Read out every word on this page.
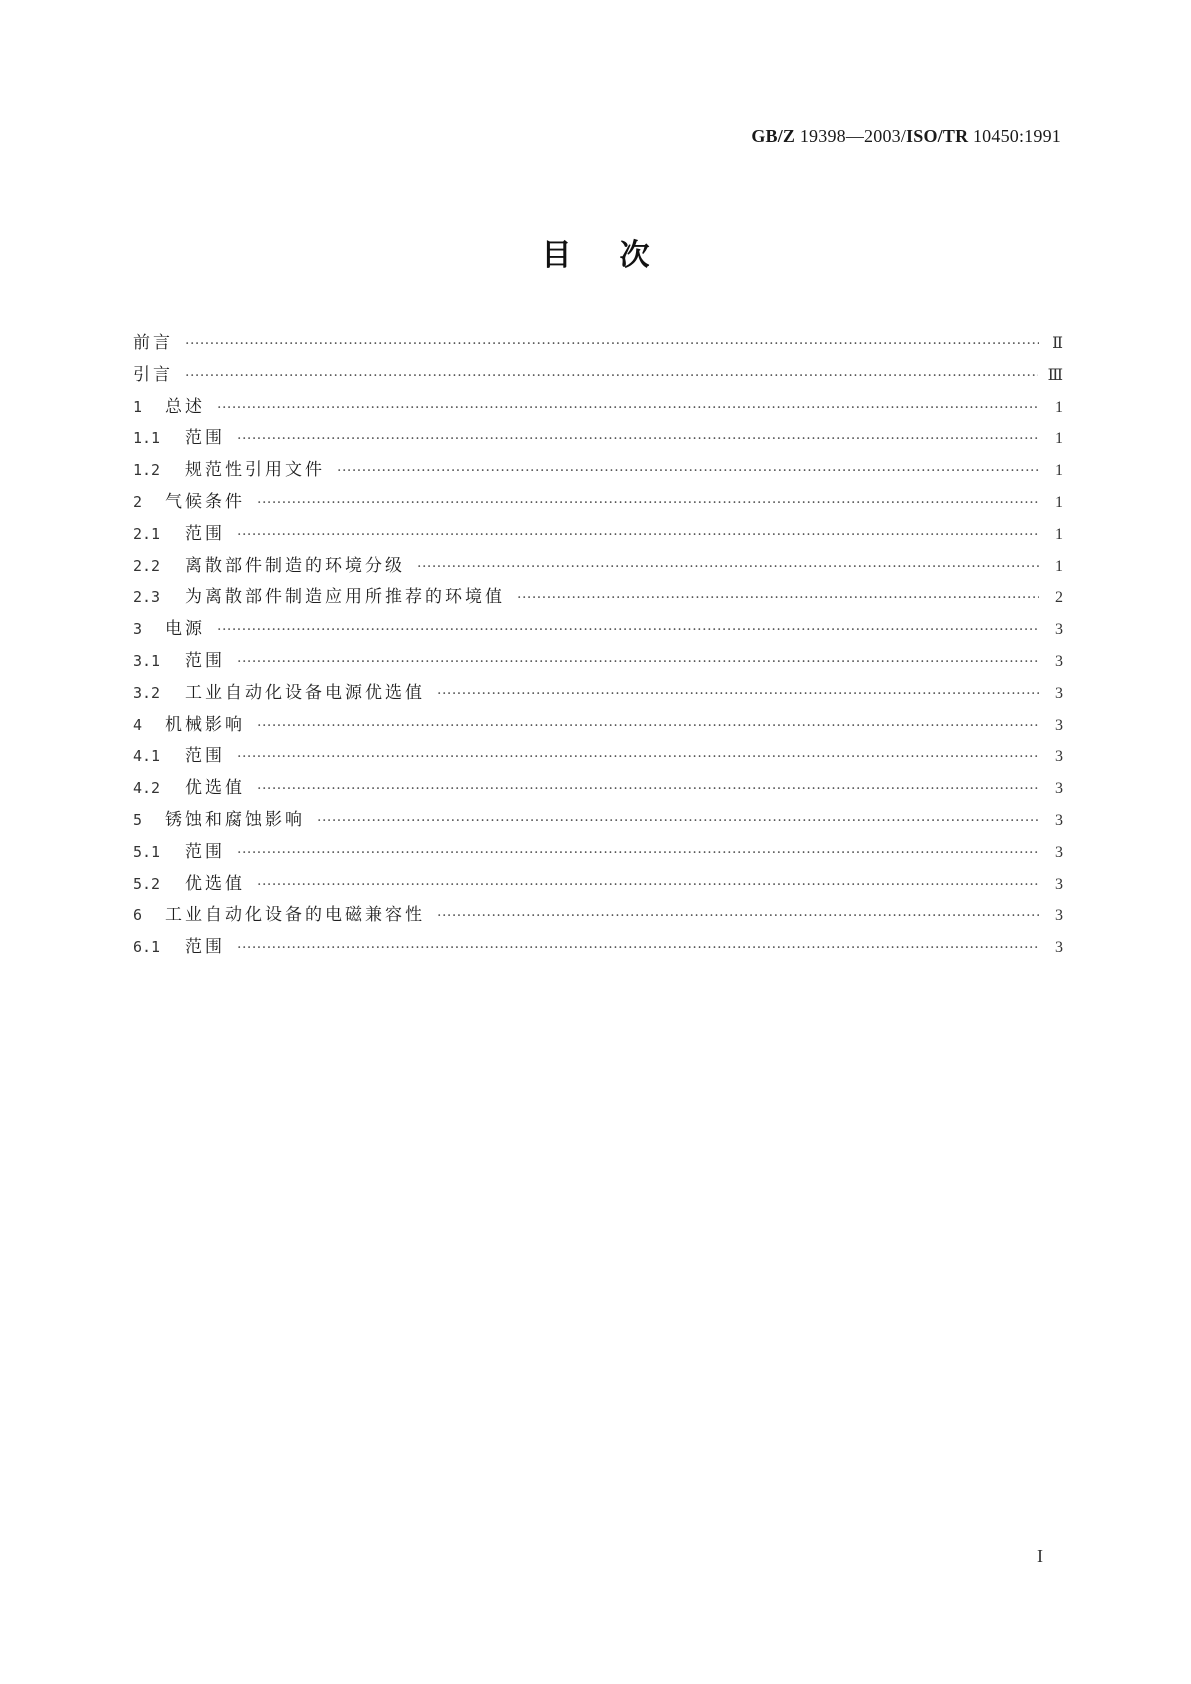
GB/Z 19398—2003/ISO/TR 10450:1991
目次
前言 ·····	Ⅱ
引言 ·····	Ⅲ
1	总述 ·····	1
1.1	范围 ·····	1
1.2	规范性引用文件 ·····	1
2	气候条件 ·····	1
2.1	范围 ·····	1
2.2	离散部件制造的环境分级 ·····	1
2.3	为离散部件制造应用所推荐的环境值 ·····	2
3	电源 ·····	3
3.1	范围 ·····	3
3.2	工业自动化设备电源优选值 ·····	3
4	机械影响 ·····	3
4.1	范围 ·····	3
4.2	优选值 ·····	3
5	锈蚀和腐蚀影响 ·····	3
5.1	范围 ·····	3
5.2	优选值 ·····	3
6	工业自动化设备的电磁兼容性 ·····	3
6.1	范围 ·····	3
I
